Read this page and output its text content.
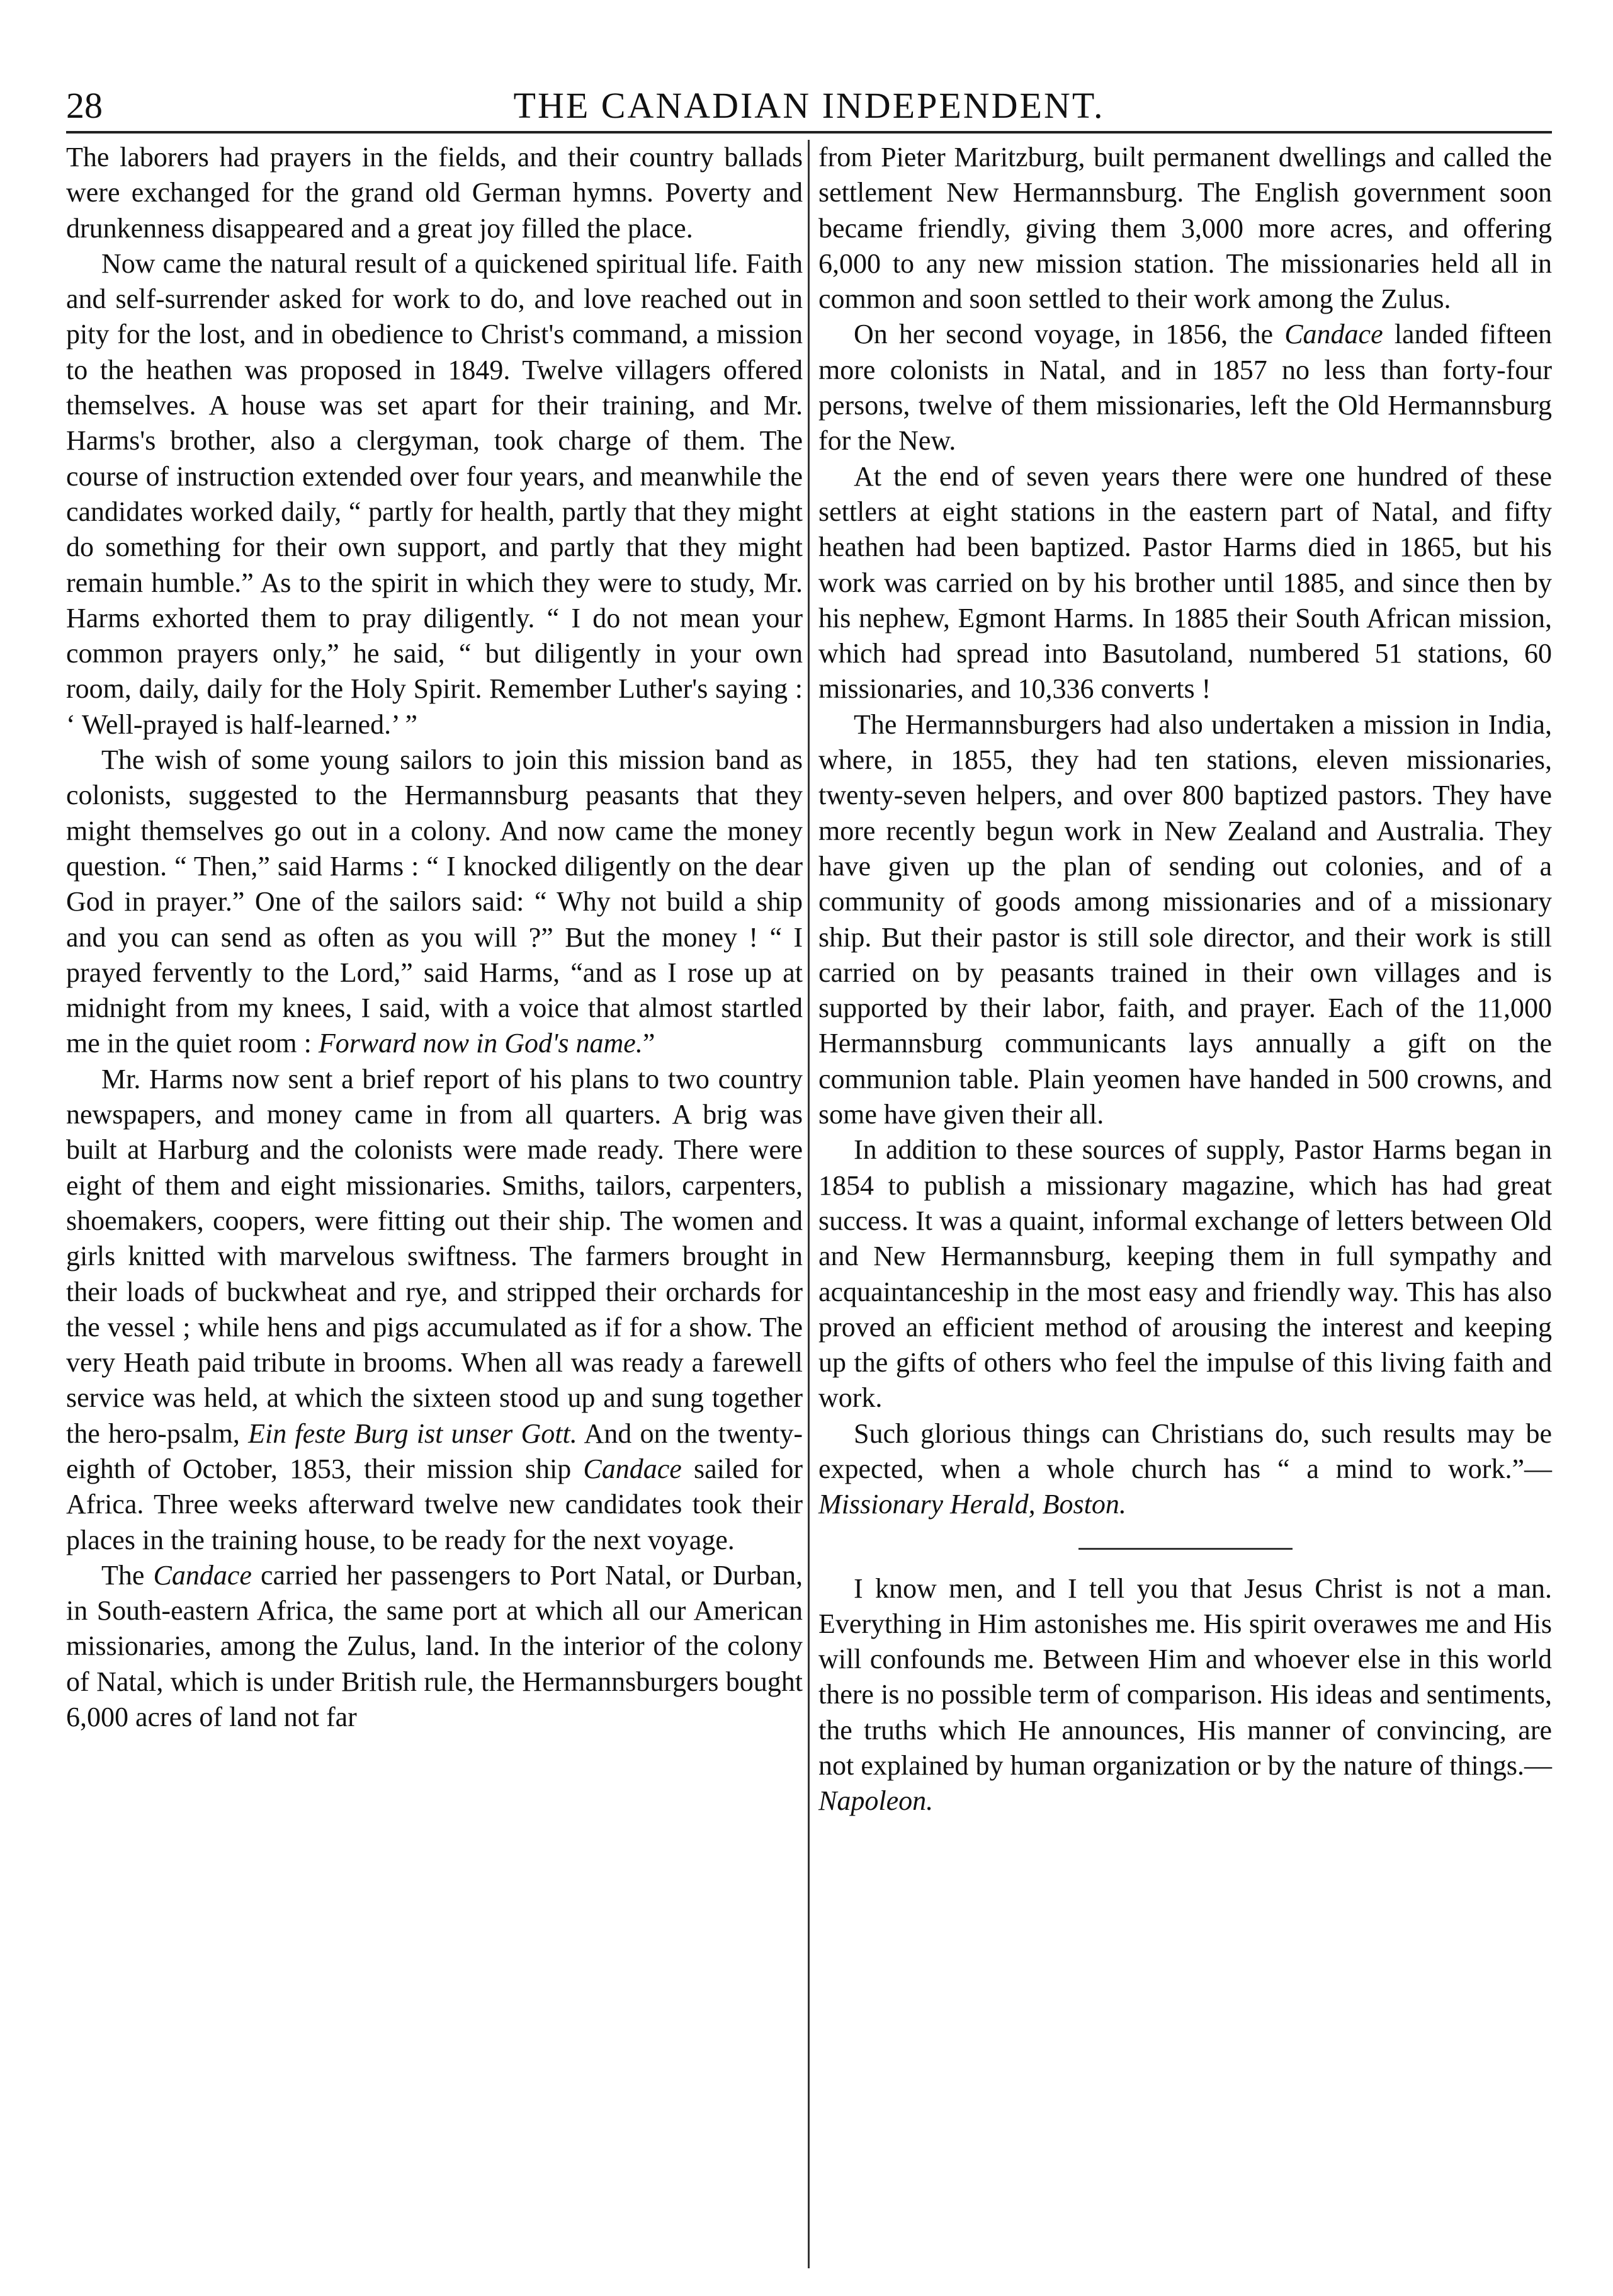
28	THE CANADIAN INDEPENDENT.

The laborers had prayers in the fields, and their country ballads were exchanged for the grand old German hymns. Poverty and drunkenness disappeared and a great joy filled the place.

Now came the natural result of a quickened spiritual life. Faith and self-surrender asked for work to do, and love reached out in pity for the lost, and in obedience to Christ's command, a mission to the heathen was proposed in 1849. Twelve villagers offered themselves. A house was set apart for their training, and Mr. Harms's brother, also a clergyman, took charge of them. The course of instruction extended over four years, and meanwhile the candidates worked daily, “ partly for health, partly that they might do something for their own support, and partly that they might remain humble.” As to the spirit in which they were to study, Mr. Harms exhorted them to pray diligently. “ I do not mean your common prayers only,” he said, “ but diligently in your own room, daily, daily for the Holy Spirit. Remember Luther's saying : ‘ Well-prayed is half-learned.’ ”

The wish of some young sailors to join this mission band as colonists, suggested to the Hermannsburg peasants that they might themselves go out in a colony. And now came the money question. “ Then,” said Harms : “ I knocked diligently on the dear God in prayer.” One of the sailors said: “ Why not build a ship and you can send as often as you will ?” But the money ! “ I prayed fervently to the Lord,” said Harms, “and as I rose up at midnight from my knees, I said, with a voice that almost startled me in the quiet room : Forward now in God's name.”

Mr. Harms now sent a brief report of his plans to two country newspapers, and money came in from all quarters. A brig was built at Harburg and the colonists were made ready. There were eight of them and eight missionaries. Smiths, tailors, carpenters, shoemakers, coopers, were fitting out their ship. The women and girls knitted with marvelous swiftness. The farmers brought in their loads of buckwheat and rye, and stripped their orchards for the vessel ; while hens and pigs accumulated as if for a show. The very Heath paid tribute in brooms. When all was ready a farewell service was held, at which the sixteen stood up and sung together the hero-psalm, Ein feste Burg ist unser Gott. And on the twenty-eighth of October, 1853, their mission ship Candace sailed for Africa. Three weeks afterward twelve new candidates took their places in the training house, to be ready for the next voyage.

The Candace carried her passengers to Port Natal, or Durban, in South-eastern Africa, the same port at which all our American missionaries, among the Zulus, land. In the interior of the colony of Natal, which is under British rule, the Hermannsburgers bought 6,000 acres of land not far

from Pieter Maritzburg, built permanent dwellings and called the settlement New Hermannsburg. The English government soon became friendly, giving them 3,000 more acres, and offering 6,000 to any new mission station. The missionaries held all in common and soon settled to their work among the Zulus.

On her second voyage, in 1856, the Candace landed fifteen more colonists in Natal, and in 1857 no less than forty-four persons, twelve of them missionaries, left the Old Hermannsburg for the New.

At the end of seven years there were one hundred of these settlers at eight stations in the eastern part of Natal, and fifty heathen had been baptized. Pastor Harms died in 1865, but his work was carried on by his brother until 1885, and since then by his nephew, Egmont Harms. In 1885 their South African mission, which had spread into Basutoland, numbered 51 stations, 60 missionaries, and 10,336 converts !

The Hermannsburgers had also undertaken a mission in India, where, in 1855, they had ten stations, eleven missionaries, twenty-seven helpers, and over 800 baptized pastors. They have more recently begun work in New Zealand and Australia. They have given up the plan of sending out colonies, and of a community of goods among missionaries and of a missionary ship. But their pastor is still sole director, and their work is still carried on by peasants trained in their own villages and is supported by their labor, faith, and prayer. Each of the 11,000 Hermannsburg communicants lays annually a gift on the communion table. Plain yeomen have handed in 500 crowns, and some have given their all.

In addition to these sources of supply, Pastor Harms began in 1854 to publish a missionary magazine, which has had great success. It was a quaint, informal exchange of letters between Old and New Hermannsburg, keeping them in full sympathy and acquaintanceship in the most easy and friendly way. This has also proved an efficient method of arousing the interest and keeping up the gifts of others who feel the impulse of this living faith and work.

Such glorious things can Christians do, such results may be expected, when a whole church has “ a mind to work.”—Missionary Herald, Boston.

I know men, and I tell you that Jesus Christ is not a man. Everything in Him astonishes me. His spirit overawes me and His will confounds me. Between Him and whoever else in this world there is no possible term of comparison. His ideas and sentiments, the truths which He announces, His manner of convincing, are not explained by human organization or by the nature of things.—Napoleon.
